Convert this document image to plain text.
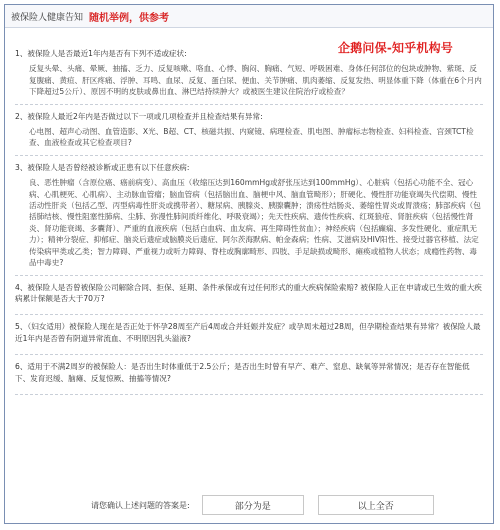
被保险人健康告知 随机举例，供参考
企鹅问保-知乎机构号
1、被保险人是否最近1年内是否有下列不适或症状:
反复头晕、头痛、晕厥、抽搐、乏力、反复咳嗽、咯血、心悸、胸闷、胸痛、气短、呼吸困难、身体任何部位的包块或肿物、紫斑、反复腹痛、黄疸、肝区疼痛、浮肿、耳鸣、血尿、反复、蛋白尿、便血、关节肿痛、肌肉萎缩、反复发热、明显体重下降（体重在6个月内下降超过5公斤）、原因不明的皮肤或鼻出血、淋巴结持续肿大？或被医生建议住院治疗或检查？
2、被保险人最近2年内是否做过以下一项或几项检查并且检查结果有异常:
心电图、超声心动图、血管造影、X光、B超、CT、核磁共振、内窥镜、病理检查、肌电图、肿瘤标志物检查、妇科检查、宫颈TCT检查、血液检查或其它检查项目?
3、被保险人是否曾经被诊断或正患有以下任意疾病:
良、恶性肿瘤（含原位癌、癌前病变）、高血压（收缩压达到160mmHg或舒张压达到100mmHg）、心脏病（包括心功能不全、冠心病、心肌梗死、心肌病）、主动脉血管瘤；脑血管病（包括脑出血、脑梗中风、脑血管畸形）；肝硬化、慢性肝功能衰竭失代偿期、慢性活动性肝炎（包括乙型、丙型病毒性肝炎或携带者）、糖尿病、胰腺炎、胰腺囊肿；溃疡性结肠炎、萎缩性胃炎或胃溃疡；肺部疾病（包括肺结核、慢性阻塞性肺病、尘肺、弥漫性肺间质纤维化、呼吸衰竭）；先天性疾病、遗传性疾病、红斑狼疮、肾脏疾病（包括慢性肾炎、肾功能衰竭、多囊肾）、严重的血液疾病（包括白血病、血友病、再生障碍性贫血）；神经疾病（包括癫痫、多发性硬化、重症肌无力）；精神分裂症、抑郁症、脑炎后遗症或脑膜炎后遗症、阿尔茨海默病、帕金森病；性病、艾滋病及HIV阳性、接受过器官移植、法定传染病甲类或乙类；智力障碍、严重视力或听力障碍、脊柱或胸廓畸形、四肢、手足缺损或畸形、瘫痪或植物人状态；成瘾性药物、毒品中毒史?
4、被保险人是否曾被保险公司解除合同、拒保、延期、条件承保或有过任何形式的重大疾病保险索赔? 被保险人正在申请或已生效的重大疾病累计保额是否大于70万?
5、（妇女适用）被保险人现在是否正处于怀孕28周至产后4周或合并妊娠并发症？或孕周未超过28周，但孕期检查结果有异常？被保险人最近1年内是否曾有阴道异常流血、不明原因乳头溢液?
6、适用于不满2周岁的被保险人：是否出生时体重低于2.5公斤；是否出生时曾有早产、难产、窒息、缺氧等异常情况；是否存在智能低下、发育迟缓、脑瘫、反复惊厥、抽搐等情况?
请您确认上述问题的答案是:	部分为是	以上全否
